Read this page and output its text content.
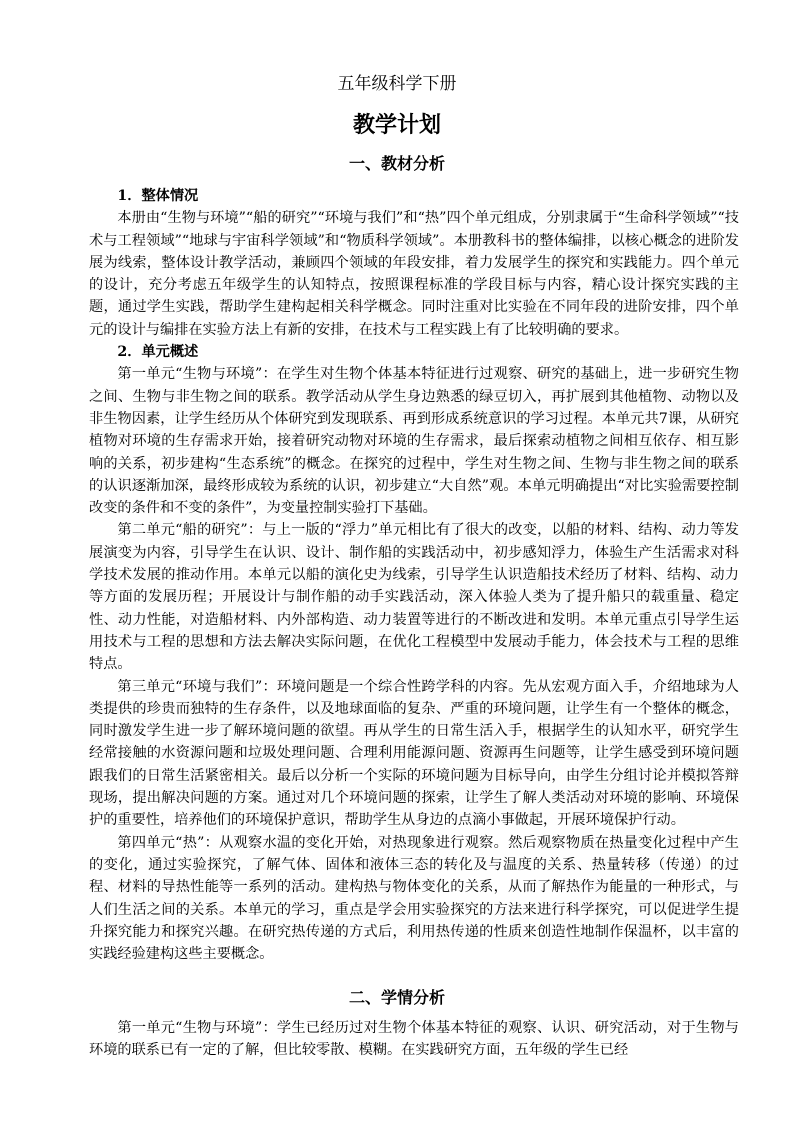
五年级科学下册
教学计划
一、教材分析

1．整体情况

本册由“生物与环境”“船的研究”“环境与我们”和“热”四个单元组成，分别隶属于“生命科学领域”“技术与工程领域”“地球与宇宙科学领域”和“物质科学领域”。本册教科书的整体编排，以核心概念的进阶发展为线索，整体设计教学活动，兼顾四个领域的年段安排，着力发展学生的探究和实践能力。四个单元的设计，充分考虑五年级学生的认知特点，按照课程标准的学段目标与内容，精心设计探究实践的主题，通过学生实践，帮助学生建构起相关科学概念。同时注重对比实验在不同年段的进阶安排，四个单元的设计与编排在实验方法上有新的安排，在技术与工程实践上有了比较明确的要求。

2．单元概述

第一单元“生物与环境”：在学生对生物个体基本特征进行过观察、研究的基础上，进一步研究生物之间、生物与非生物之间的联系。教学活动从学生身边熟悉的绿豆切入，再扩展到其他植物、动物以及非生物因素，让学生经历从个体研究到发现联系、再到形成系统意识的学习过程。本单元共7课，从研究植物对环境的生存需求开始，接着研究动物对环境的生存需求，最后探索动植物之间相互依存、相互影响的关系，初步建构“生态系统”的概念。在探究的过程中，学生对生物之间、生物与非生物之间的联系的认识逐渐加深，最终形成较为系统的认识，初步建立“大自然”观。本单元明确提出“对比实验需要控制改变的条件和不变的条件”，为变量控制实验打下基础。

第二单元“船的研究”：与上一版的“浮力”单元相比有了很大的改变，以船的材料、结构、动力等发展演变为内容，引导学生在认识、设计、制作船的实践活动中，初步感知浮力，体验生产生活需求对科学技术发展的推动作用。本单元以船的演化史为线索，引导学生认识造船技术经历了材料、结构、动力等方面的发展历程；开展设计与制作船的动手实践活动，深入体验人类为了提升船只的载重量、稳定性、动力性能，对造船材料、内外部构造、动力装置等进行的不断改进和发明。本单元重点引导学生运用技术与工程的思想和方法去解决实际问题，在优化工程模型中发展动手能力，体会技术与工程的思维特点。

第三单元“环境与我们”：环境问题是一个综合性跨学科的内容。先从宏观方面入手，介绍地球为人类提供的珍贵而独特的生存条件，以及地球面临的复杂、严重的环境问题，让学生有一个整体的概念，同时激发学生进一步了解环境问题的欲望。再从学生的日常生活入手，根据学生的认知水平，研究学生经常接触的水资源问题和垃圾处理问题、合理利用能源问题、资源再生问题等，让学生感受到环境问题跟我们的日常生活紧密相关。最后以分析一个实际的环境问题为目标导向，由学生分组讨论并模拟答辩现场，提出解决问题的方案。通过对几个环境问题的探索，让学生了解人类活动对环境的影响、环境保护的重要性，培养他们的环境保护意识，帮助学生从身边的点滴小事做起，开展环境保护行动。

第四单元“热”：从观察水温的变化开始，对热现象进行观察。然后观察物质在热量变化过程中产生的变化，通过实验探究，了解气体、固体和液体三态的转化及与温度的关系、热量转移（传递）的过程、材料的导热性能等一系列的活动。建构热与物体变化的关系，从而了解热作为能量的一种形式，与人们生活之间的关系。本单元的学习，重点是学会用实验探究的方法来进行科学探究，可以促进学生提升探究能力和探究兴趣。在研究热传递的方式后，利用热传递的性质来创造性地制作保温杯，以丰富的实践经验建构这些主要概念。

二、学情分析

第一单元“生物与环境”：学生已经历过对生物个体基本特征的观察、认识、研究活动，对于生物与环境的联系已有一定的了解，但比较零散、模糊。在实践研究方面，五年级的学生已经
